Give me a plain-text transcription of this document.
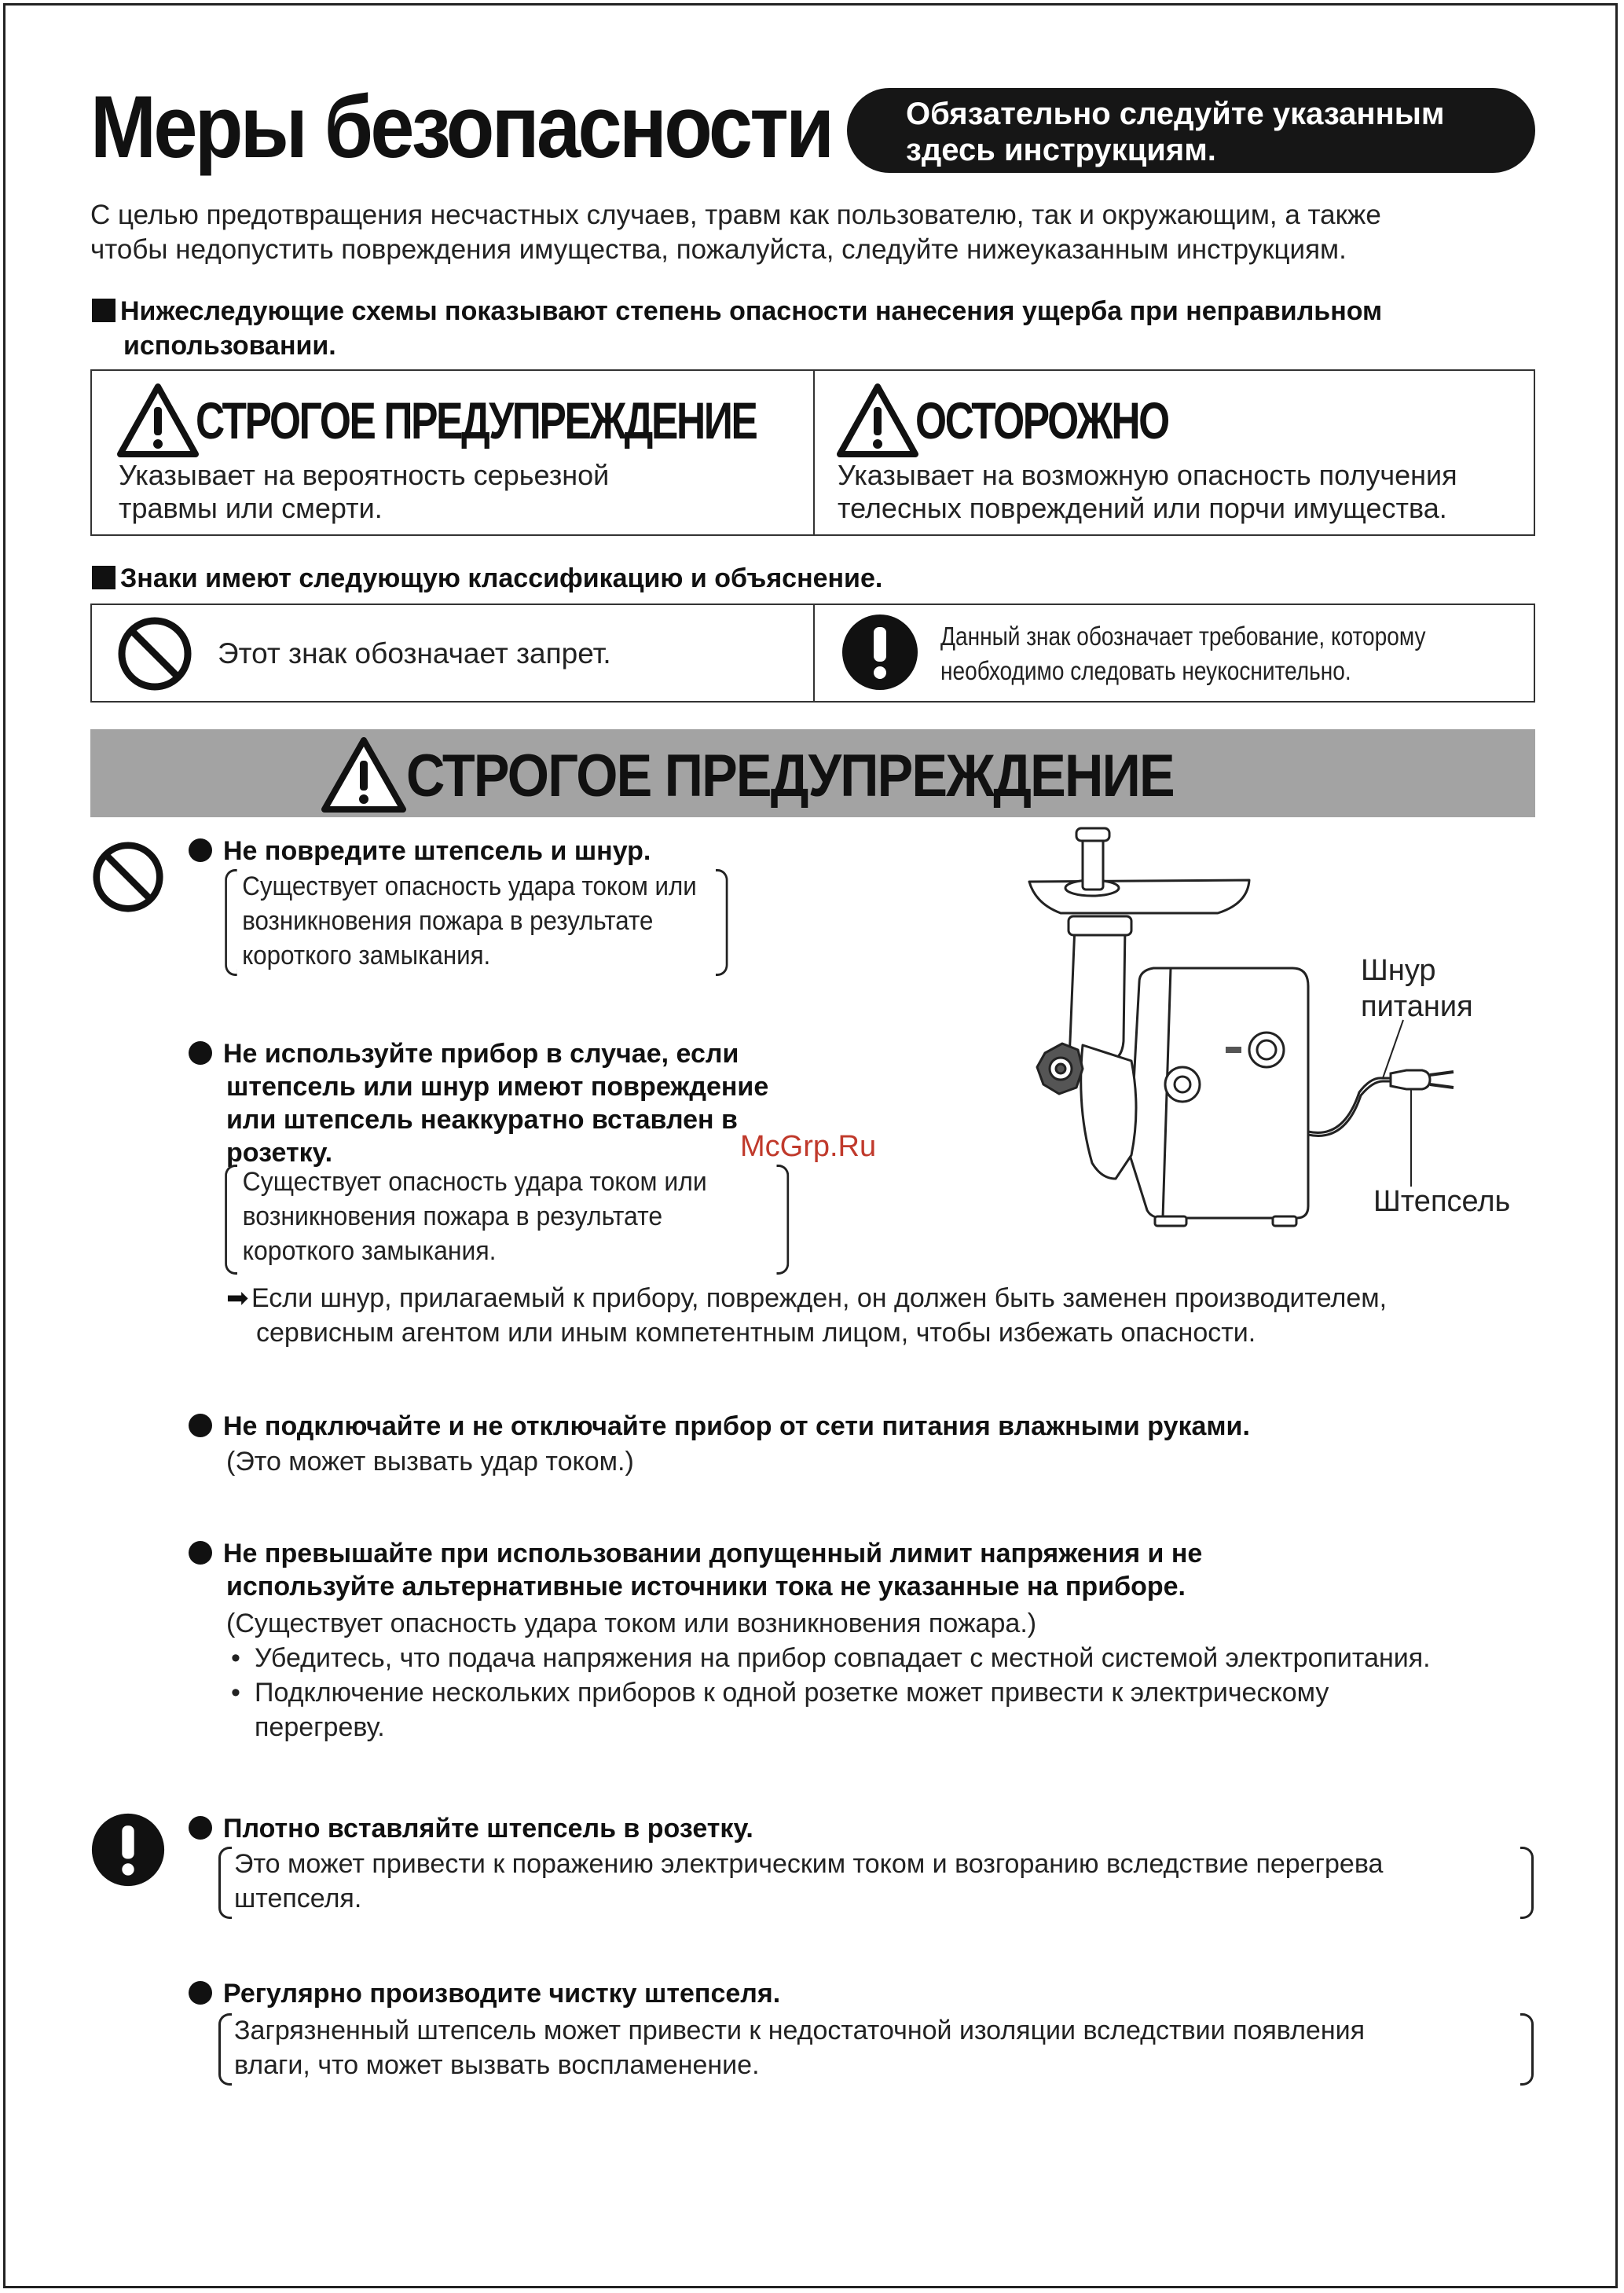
Меры безопасности Обязательно следуйте указанным
здесь инструкциям.
С целью предотвращения несчастных случаев, травм как пользователю, так и окружающим, а также
чтобы недопустить повреждения имущества, пожалуйста, следуйте нижеуказанным инструкциям.
Нижеследующие схемы показывают степень опасности нанесения ущерба при неправильном
использовании.
СТРОГОЕ ПРЕДУПРЕЖДЕНИЕ
Указывает на вероятность серьезной
травмы или смерти.
ОСТОРОЖНО
Указывает на возможную опасность получения
телесных повреждений или порчи имущества.
Знаки имеют следующую классификацию и объяснение.
Этот знак обозначает запрет.
Данный знак обозначает требование, которому
необходимо следовать неукоснительно.
СТРОГОЕ ПРЕДУПРЕЖДЕНИЕ
Не повредите штепсель и шнур.
Существует опасность удара током или
возникновения пожара в результате
короткого замыкания.
Не используйте прибор в случае, если
штепсель или шнур имеют повреждение
или штепсель неаккуратно вставлен в
розетку.	McGrp.Ru
Существует опасность удара током или
возникновения пожара в результате
короткого замыкания.
➡ Если шнур, прилагаемый к прибору, поврежден, он должен быть заменен производителем,
сервисным агентом или иным компетентным лицом, чтобы избежать опасности.
Не подключайте и не отключайте прибор от сети питания влажными руками.
(Это может вызвать удар током.)
Не превышайте при использовании допущенный лимит напряжения и не
используйте альтернативные источники тока не указанные на приборе.
(Существует опасность удара током или возникновения пожара.)
• Убедитесь, что подача напряжения на прибор совпадает с местной системой электропитания.
• Подключение нескольких приборов к одной розетке может привести к электрическому
перегреву.
Плотно вставляйте штепсель в розетку.
Это может привести к поражению электрическим током и возгоранию вследствие перегрева
штепселя.
Регулярно производите чистку штепселя.
Загрязненный штепсель может привести к недостаточной изоляции вследствии появления
влаги, что может вызвать воспламенение.
Шнур
питания
Штепсель
